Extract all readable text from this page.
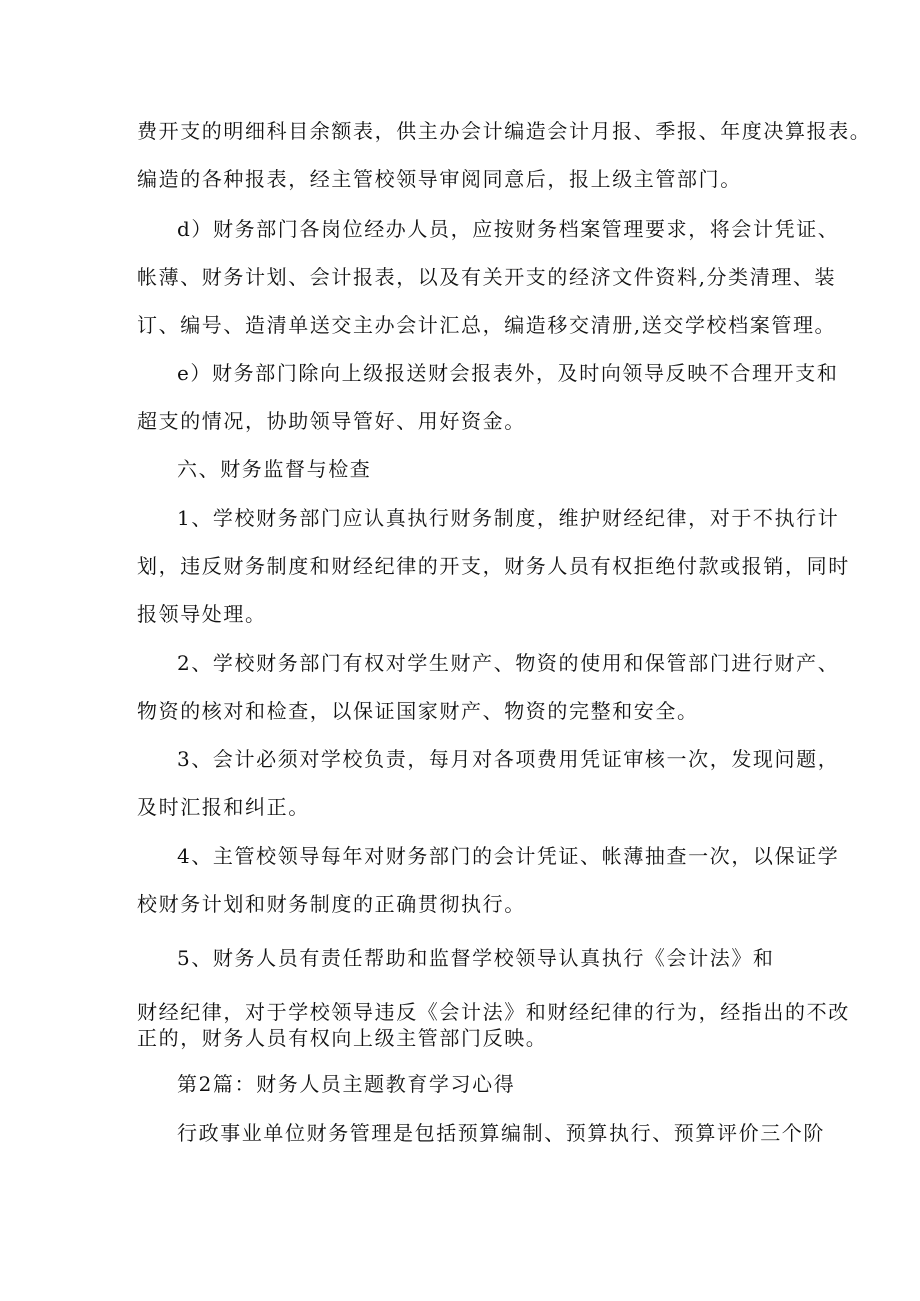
费开支的明细科目余额表，供主办会计编造会计月报、季报、年度决算报表。
编造的各种报表，经主管校领导审阅同意后，报上级主管部门。
d）财务部门各岗位经办人员，应按财务档案管理要求，将会计凭证、
帐薄、财务计划、会计报表，以及有关开支的经济文件资料,分类清理、装
订、编号、造清单送交主办会计汇总，编造移交清册,送交学校档案管理。
e）财务部门除向上级报送财会报表外，及时向领导反映不合理开支和
超支的情况，协助领导管好、用好资金。
六、财务监督与检查
1、学校财务部门应认真执行财务制度，维护财经纪律，对于不执行计
划，违反财务制度和财经纪律的开支，财务人员有权拒绝付款或报销，同时
报领导处理。
2、学校财务部门有权对学生财产、物资的使用和保管部门进行财产、
物资的核对和检查，以保证国家财产、物资的完整和安全。
3、会计必须对学校负责，每月对各项费用凭证审核一次，发现问题，
及时汇报和纠正。
4、主管校领导每年对财务部门的会计凭证、帐薄抽查一次，以保证学
校财务计划和财务制度的正确贯彻执行。
5、财务人员有责任帮助和监督学校领导认真执行《会计法》和
财经纪律，对于学校领导违反《会计法》和财经纪律的行为，经指出的不改
正的，财务人员有权向上级主管部门反映。
第2篇：财务人员主题教育学习心得
行政事业单位财务管理是包括预算编制、预算执行、预算评价三个阶
